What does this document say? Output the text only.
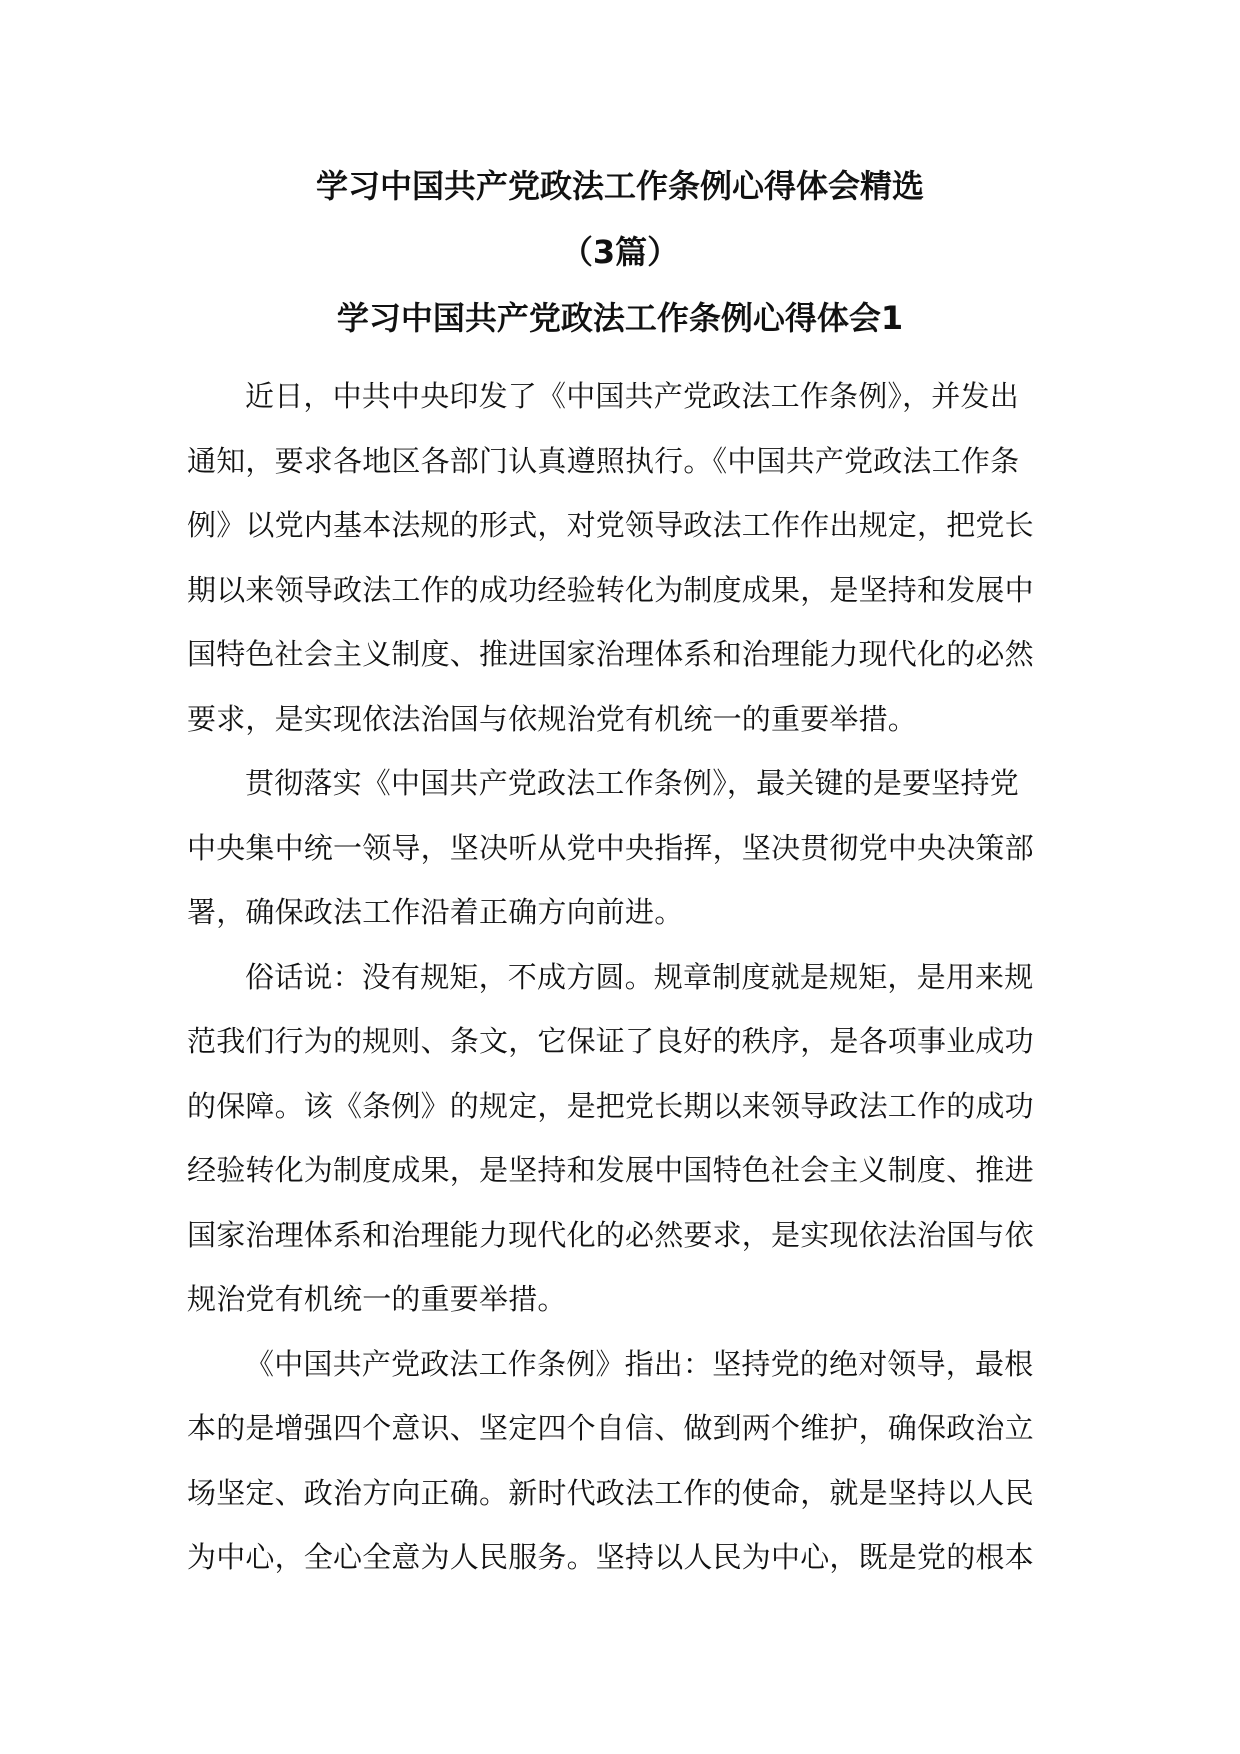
学习中国共产党政法工作条例心得体会精选

（3篇）

学习中国共产党政法工作条例心得体会1

近日，中共中央印发了《中国共产党政法工作条例》，并发出
通知，要求各地区各部门认真遵照执行。《中国共产党政法工作条
例》以党内基本法规的形式，对党领导政法工作作出规定，把党长
期以来领导政法工作的成功经验转化为制度成果，是坚持和发展中
国特色社会主义制度、推进国家治理体系和治理能力现代化的必然
要求，是实现依法治国与依规治党有机统一的重要举措。
贯彻落实《中国共产党政法工作条例》，最关键的是要坚持党
中央集中统一领导，坚决听从党中央指挥，坚决贯彻党中央决策部
署，确保政法工作沿着正确方向前进。
俗话说：没有规矩，不成方圆。规章制度就是规矩，是用来规
范我们行为的规则、条文，它保证了良好的秩序，是各项事业成功
的保障。该《条例》的规定，是把党长期以来领导政法工作的成功
经验转化为制度成果，是坚持和发展中国特色社会主义制度、推进
国家治理体系和治理能力现代化的必然要求，是实现依法治国与依
规治党有机统一的重要举措。
《中国共产党政法工作条例》指出：坚持党的绝对领导，最根
本的是增强四个意识、坚定四个自信、做到两个维护，确保政治立
场坚定、政治方向正确。新时代政法工作的使命，就是坚持以人民
为中心，全心全意为人民服务。坚持以人民为中心，既是党的根本
